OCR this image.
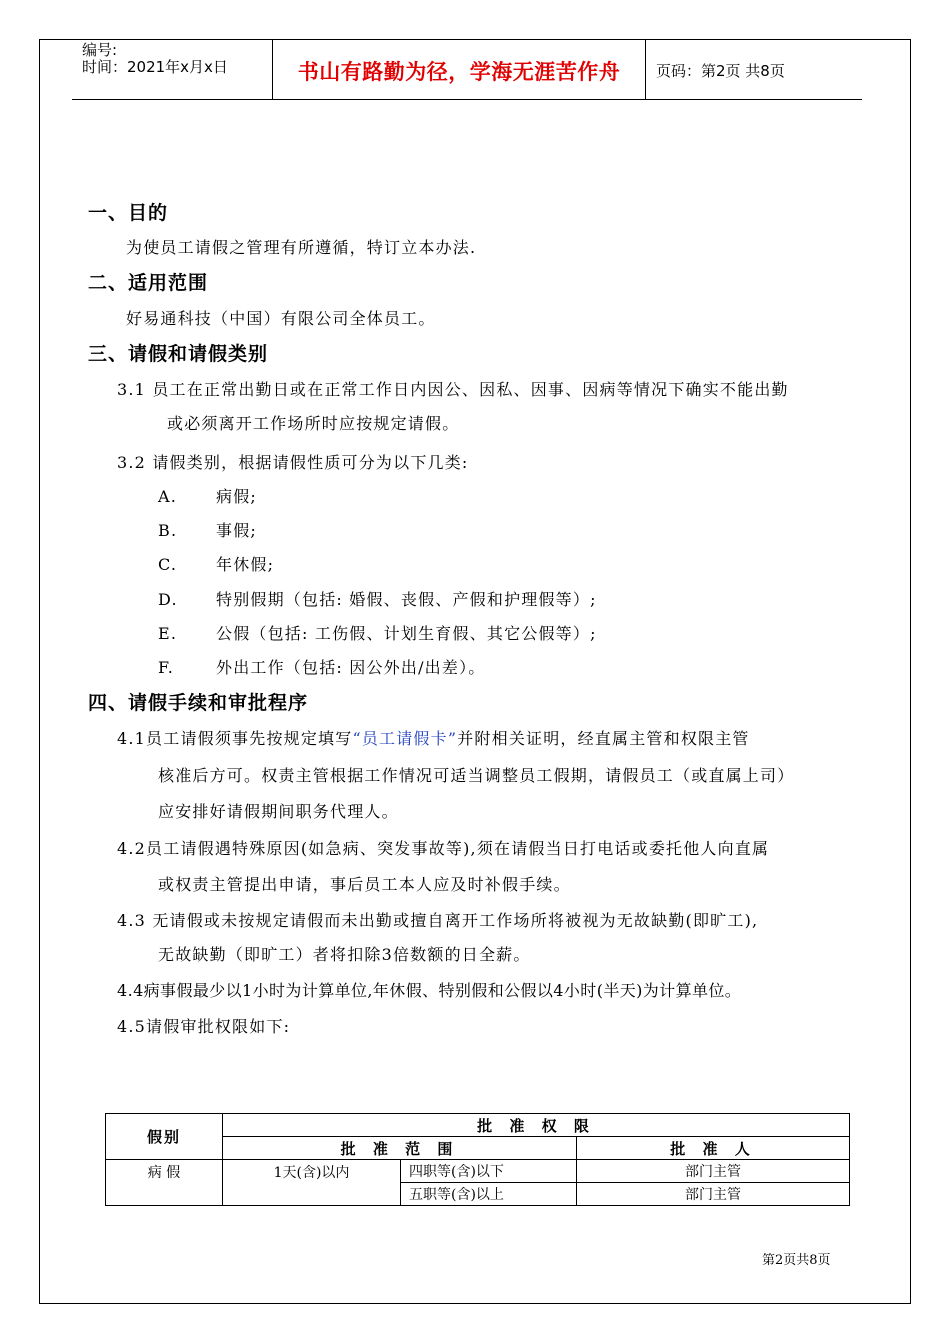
编号:
时间：2021年x月x日	书山有路勤为径，学海无涯苦作舟	页码：第2页 共8页
一、目的
为使员工请假之管理有所遵循，特订立本办法.
二、适用范围
好易通科技（中国）有限公司全体员工。
三、请假和请假类别
3.1 员工在正常出勤日或在正常工作日内因公、因私、因事、因病等情况下确实不能出勤
或必须离开工作场所时应按规定请假。
3.2 请假类别，根据请假性质可分为以下几类:
A. 病假;
B. 事假;
C. 年休假;
D. 特别假期（包括: 婚假、丧假、产假和护理假等）;
E. 公假（包括: 工伤假、计划生育假、其它公假等）;
F.	外出工作（包括: 因公外出/出差）。
四、请假手续和审批程序
4.1员工请假须事先按规定填写“员工请假卡”并附相关证明，经直属主管和权限主管
核准后方可。权责主管根据工作情况可适当调整员工假期，请假员工（或直属上司）
应安排好请假期间职务代理人。
4.2员工请假遇特殊原因(如急病、突发事故等),须在请假当日打电话或委托他人向直属
或权责主管提出申请，事后员工本人应及时补假手续。
4.3 无请假或未按规定请假而未出勤或擅自离开工作场所将被视为无故缺勤(即旷工),
无故缺勤（即旷工）者将扣除3倍数额的日全薪。
4.4病事假最少以1小时为计算单位,年休假、特别假和公假以4小时(半天)为计算单位。
4.5请假审批权限如下:
假别	批 准 权 限		
	批 准 范 围		批 准 人
病 假	1天(含)以内	四职等(含)以下	部门主管
		五职等(含)以上	部门主管
第2页共8页
